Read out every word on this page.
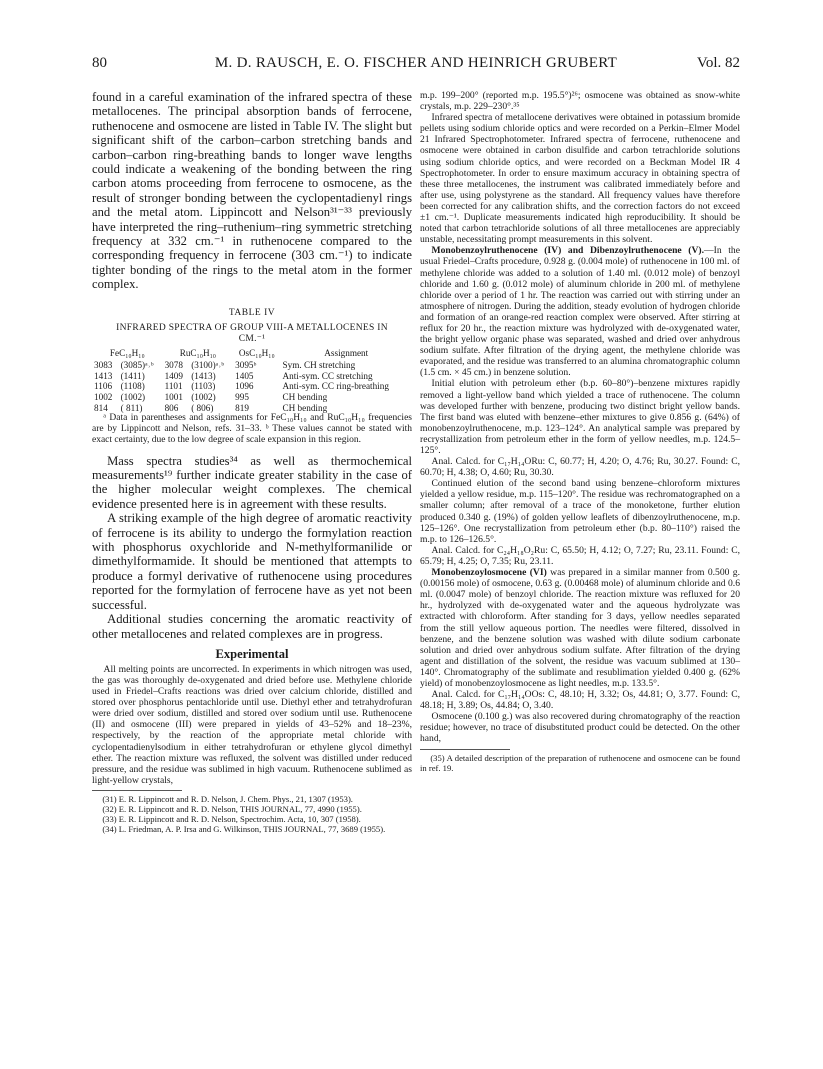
80	M. D. RAUSCH, E. O. FISCHER AND HEINRICH GRUBERT	Vol. 82

found in a careful examination of the infrared spectra of these metallocenes. The principal absorption bands of ferrocene, ruthenocene and osmocene are listed in Table IV. The slight but significant shift of the carbon–carbon stretching bands and carbon–carbon ring-breathing bands to longer wave lengths could indicate a weakening of the bonding between the ring carbon atoms proceeding from ferrocene to osmocene, as the result of stronger bonding between the cyclopentadienyl rings and the metal atom. Lippincott and Nelson³¹⁻³³ previously have interpreted the ring–ruthenium–ring symmetric stretching frequency at 332 cm.⁻¹ in ruthenocene compared to the corresponding frequency in ferrocene (303 cm.⁻¹) to indicate tighter bonding of the rings to the metal atom in the former complex.

TABLE IV
INFRARED SPECTRA OF GROUP VIII-A METALLOCENES IN
CM.⁻¹
FeC₁₀H₁₀		RuC₁₀H₁₀		OsC₁₀H₁₀	Assignment
3083	(3085)ᵃ˒ᵇ	3078	(3100)ᵃ˒ᵇ	3095ᵇ	Sym. CH stretching
1413	(1411)	1409	(1413)	1405	Anti-sym. CC stretching
1106	(1108)	1101	(1103)	1096	Anti-sym. CC ring-breathing
1002	(1002)	1001	(1002)	995	CH bending
814	( 811)	806	( 806)	819	CH bending

ᵃ Data in parentheses and assignments for FeC₁₀H₁₀ and RuC₁₀H₁₀ frequencies are by Lippincott and Nelson, refs. 31–33. ᵇ These values cannot be stated with exact certainty, due to the low degree of scale expansion in this region.

Mass spectra studies³⁴ as well as thermochemical measurements¹⁹ further indicate greater stability in the case of the higher molecular weight complexes. The chemical evidence presented here is in agreement with these results.

A striking example of the high degree of aromatic reactivity of ferrocene is its ability to undergo the formylation reaction with phosphorus oxychloride and N-methylformanilide or dimethylformamide. It should be mentioned that attempts to produce a formyl derivative of ruthenocene using procedures reported for the formylation of ferrocene have as yet not been successful.

Additional studies concerning the aromatic reactivity of other metallocenes and related complexes are in progress.

Experimental

All melting points are uncorrected. In experiments in which nitrogen was used, the gas was thoroughly de-oxygenated and dried before use. Methylene chloride used in Friedel–Crafts reactions was dried over calcium chloride, distilled and stored over phosphorus pentachloride until use. Diethyl ether and tetrahydrofuran were dried over sodium, distilled and stored over sodium until use. Ruthenocene (II) and osmocene (III) were prepared in yields of 43–52% and 18–23%, respectively, by the reaction of the appropriate metal chloride with cyclopentadienylsodium in either tetrahydrofuran or ethylene glycol dimethyl ether. The reaction mixture was refluxed, the solvent was distilled under reduced pressure, and the residue was sublimed in high vacuum. Ruthenocene sublimed as light-yellow crystals,

(31) E. R. Lippincott and R. D. Nelson, J. Chem. Phys., 21, 1307 (1953).

(32) E. R. Lippincott and R. D. Nelson, THIS JOURNAL, 77, 4990 (1955).

(33) E. R. Lippincott and R. D. Nelson, Spectrochim. Acta, 10, 307 (1958).

(34) L. Friedman, A. P. Irsa and G. Wilkinson, THIS JOURNAL, 77, 3689 (1955).

m.p. 199–200° (reported m.p. 195.5°)²⁶; osmocene was obtained as snow-white crystals, m.p. 229–230°.³⁵

Infrared spectra of metallocene derivatives were obtained in potassium bromide pellets using sodium chloride optics and were recorded on a Perkin–Elmer Model 21 Infrared Spectrophotometer. Infrared spectra of ferrocene, ruthenocene and osmocene were obtained in carbon disulfide and carbon tetrachloride solutions using sodium chloride optics, and were recorded on a Beckman Model IR 4 Spectrophotometer. In order to ensure maximum accuracy in obtaining spectra of these three metallocenes, the instrument was calibrated immediately before and after use, using polystyrene as the standard. All frequency values have therefore been corrected for any calibration shifts, and the correction factors do not exceed ±1 cm.⁻¹. Duplicate measurements indicated high reproducibility. It should be noted that carbon tetrachloride solutions of all three metallocenes are appreciably unstable, necessitating prompt measurements in this solvent.

Monobenzoylruthenocene (IV) and Dibenzoylruthenocene (V).—In the usual Friedel–Crafts procedure, 0.928 g. (0.004 mole) of ruthenocene in 100 ml. of methylene chloride was added to a solution of 1.40 ml. (0.012 mole) of benzoyl chloride and 1.60 g. (0.012 mole) of aluminum chloride in 200 ml. of methylene chloride over a period of 1 hr. The reaction was carried out with stirring under an atmosphere of nitrogen. During the addition, steady evolution of hydrogen chloride and formation of an orange-red reaction complex were observed. After stirring at reflux for 20 hr., the reaction mixture was hydrolyzed with de-oxygenated water, the bright yellow organic phase was separated, washed and dried over anhydrous sodium sulfate. After filtration of the drying agent, the methylene chloride was evaporated, and the residue was transferred to an alumina chromatographic column (1.5 cm. × 45 cm.) in benzene solution.

Initial elution with petroleum ether (b.p. 60–80°)–benzene mixtures rapidly removed a light-yellow band which yielded a trace of ruthenocene. The column was developed further with benzene, producing two distinct bright yellow bands. The first band was eluted with benzene–ether mixtures to give 0.856 g. (64%) of monobenzoylruthenocene, m.p. 123–124°. An analytical sample was prepared by recrystallization from petroleum ether in the form of yellow needles, m.p. 124.5–125°.

Anal. Calcd. for C₁₇H₁₄ORu: C, 60.77; H, 4.20; O, 4.76; Ru, 30.27. Found: C, 60.70; H, 4.38; O, 4.60; Ru, 30.30.

Continued elution of the second band using benzene–chloroform mixtures yielded a yellow residue, m.p. 115–120°. The residue was rechromatographed on a smaller column; after removal of a trace of the monoketone, further elution produced 0.340 g. (19%) of golden yellow leaflets of dibenzoylruthenocene, m.p. 125–126°. One recrystallization from petroleum ether (b.p. 80–110°) raised the m.p. to 126–126.5°.

Anal. Calcd. for C₂₄H₁₈O₂Ru: C, 65.50; H, 4.12; O, 7.27; Ru, 23.11. Found: C, 65.79; H, 4.25; O, 7.35; Ru, 23.11.

Monobenzoylosmocene (VI) was prepared in a similar manner from 0.500 g. (0.00156 mole) of osmocene, 0.63 g. (0.00468 mole) of aluminum chloride and 0.6 ml. (0.0047 mole) of benzoyl chloride. The reaction mixture was refluxed for 20 hr., hydrolyzed with de-oxygenated water and the aqueous hydrolyzate was extracted with chloroform. After standing for 3 days, yellow needles separated from the still yellow aqueous portion. The needles were filtered, dissolved in benzene, and the benzene solution was washed with dilute sodium carbonate solution and dried over anhydrous sodium sulfate. After filtration of the drying agent and distillation of the solvent, the residue was vacuum sublimed at 130–140°. Chromatography of the sublimate and resublimation yielded 0.400 g. (62% yield) of monobenzoylosmocene as light needles, m.p. 133.5°.

Anal. Calcd. for C₁₇H₁₄OOs: C, 48.10; H, 3.32; Os, 44.81; O, 3.77. Found: C, 48.18; H, 3.89; Os, 44.84; O, 3.40.

Osmocene (0.100 g.) was also recovered during chromatography of the reaction residue; however, no trace of disubstituted product could be detected. On the other hand,

(35) A detailed description of the preparation of ruthenocene and osmocene can be found in ref. 19.
